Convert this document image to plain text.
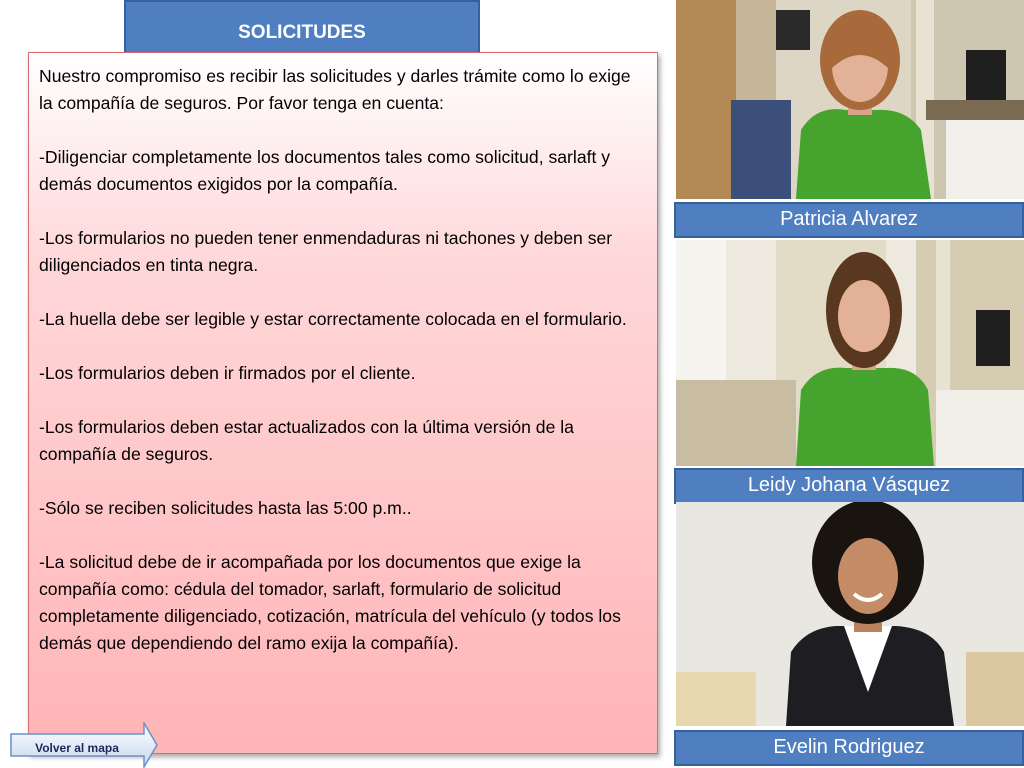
SOLICITUDES

Nuestro compromiso es recibir las solicitudes y darles trámite como lo exige la compañía de seguros. Por favor tenga en cuenta:

-Diligenciar completamente los documentos tales como solicitud, sarlaft y demás documentos exigidos por la compañía.

-Los formularios no pueden tener enmendaduras ni tachones y deben ser diligenciados en tinta negra.

-La huella debe ser legible y estar correctamente colocada en el formulario.

-Los formularios deben ir firmados por el cliente.

-Los formularios deben estar actualizados con la última versión de la compañía de seguros.

-Sólo se reciben solicitudes hasta las 5:00 p.m..

-La solicitud debe de ir acompañada por los documentos que exige la compañía como: cédula del tomador, sarlaft, formulario de solicitud completamente diligenciado, cotización, matrícula del vehículo (y todos los demás que dependiendo del ramo exija la compañía).

Patricia Alvarez
Leidy Johana Vásquez
Evelin Rodriguez
Volver al mapa
